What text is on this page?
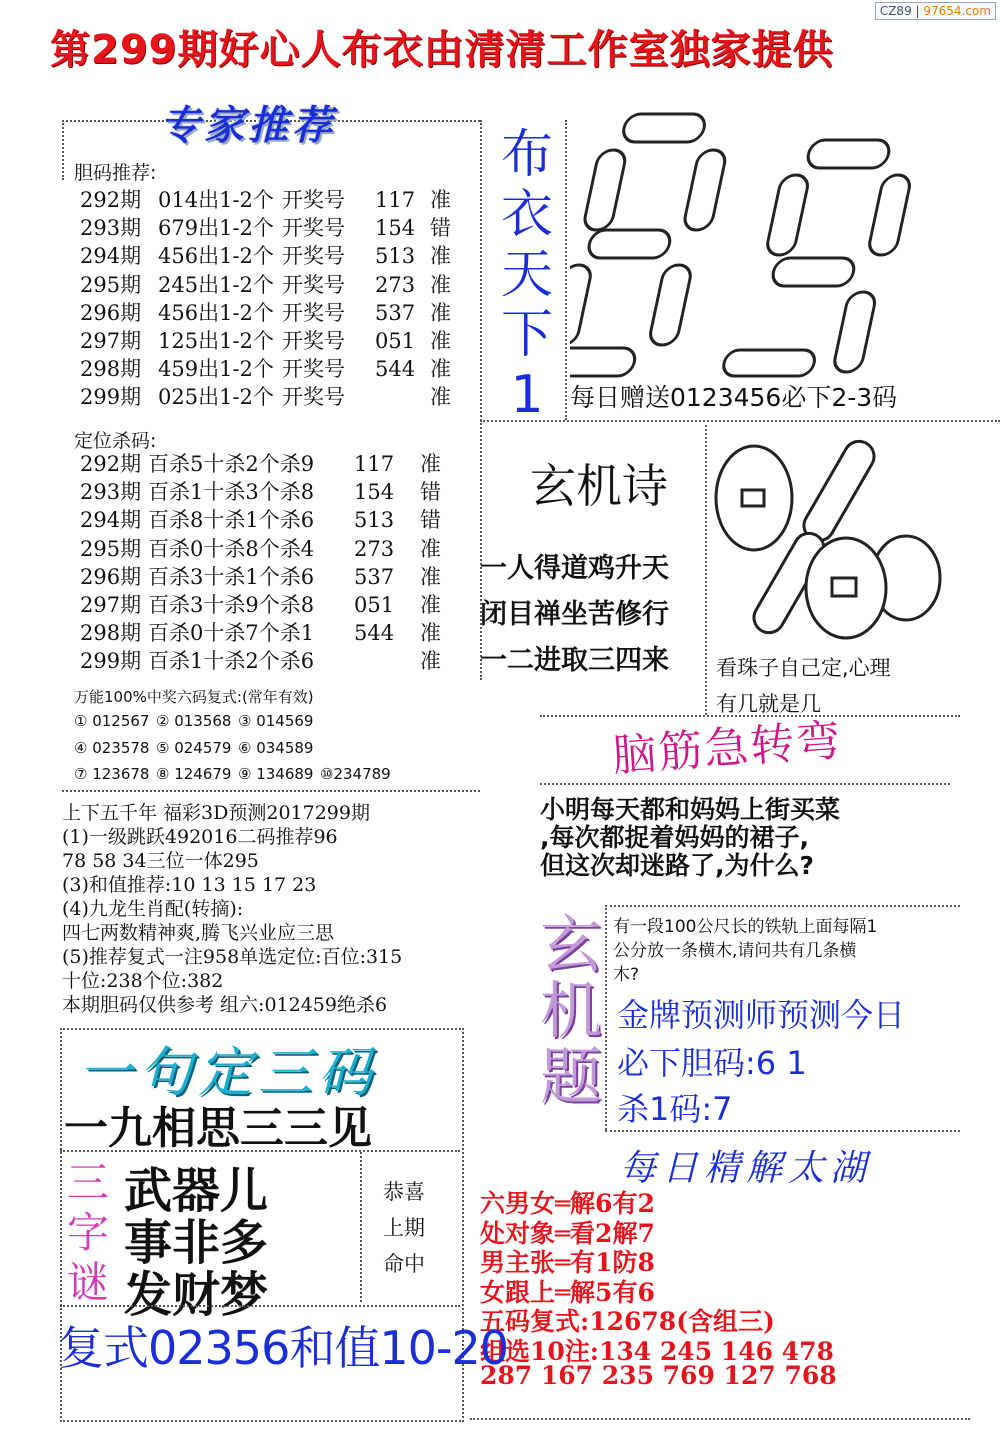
CZ89 | 97654.com
第299期好心人布衣由清清工作室独家提供
专家推荐
胆码推荐:
292期 014出1-2个 开奖号 117 准
293期 679出1-2个 开奖号 154 错
294期 456出1-2个 开奖号 513 准
295期 245出1-2个 开奖号 273 准
296期 456出1-2个 开奖号 537 准
297期 125出1-2个 开奖号 051 准
298期 459出1-2个 开奖号 544 准
299期 025出1-2个 开奖号	准
定位杀码:
292期 百杀5十杀2个杀9 117 准
293期 百杀1十杀3个杀8 154 错
294期 百杀8十杀1个杀6 513 错
295期 百杀0十杀8个杀4 273 准
296期 百杀3十杀1个杀6 537 准
297期 百杀3十杀9个杀8 051 准
298期 百杀0十杀7个杀1 544 准
299期 百杀1十杀2个杀6	准
万能100%中奖六码复式:(常年有效)
① 012567 ② 013568 ③ 014569
④ 023578 ⑤ 024579 ⑥ 034589
⑦ 123678 ⑧ 124679 ⑨ 134689 ⑩234789
上下五千年 福彩3D预测2017299期
(1)一级跳跃492016二码推荐96
78 58 34三位一体295
(3)和值推荐:10 13 15 17 23
(4)九龙生肖配(转摘):
四七两数精神爽,腾飞兴业应三思
(5)推荐复式一注958单选定位:百位:315
十位:238个位:382
本期胆码仅供参考 组六:012459绝杀6
布
衣
天
下
1	每日赠送0123456必下2-3码
玄机诗
一人得道鸡升天
闭目禅坐苦修行
一二进取三四来 看珠子自己定,心理
有几就是几
脑筋急转弯
小明每天都和妈妈上街买菜
,每次都捉着妈妈的裙子,
但这次却迷路了,为什么?
玄
机
题
有一段100公尺长的铁轨上面每隔1
公分放一条横木,请问共有几条横
木?
金牌预测师预测今日
必下胆码:6 1
杀1码:7
每日精解太湖
六男女═解6有2
处对象═看2解7
男主张═有1防8
女跟上═解5有6
五码复式:12678(含组三)
组选10注:134 245 146 478
287 167 235 769 127 768
一句定三码
一九相思三三见
三
字
谜
武器儿
事非多
发财梦
恭喜
上期
命中
复式02356和值10-20
